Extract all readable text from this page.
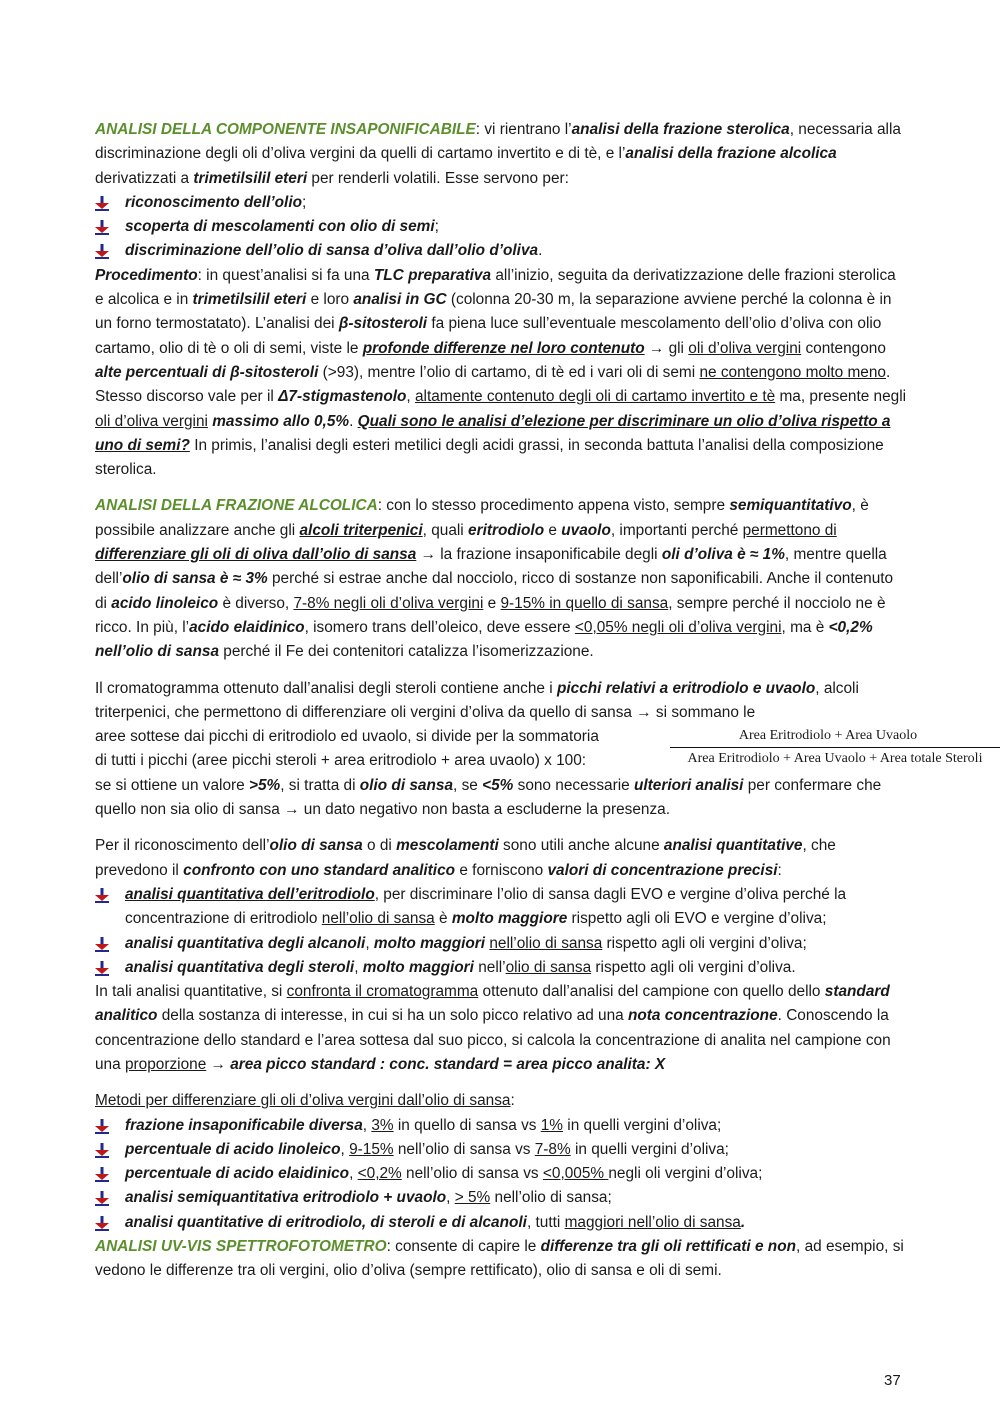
ANALISI DELLA COMPONENTE INSAPONIFICABILE: vi rientrano l’analisi della frazione sterolica, necessaria alla discriminazione degli oli d’oliva vergini da quelli di cartamo invertito e di tè, e l’analisi della frazione alcolica derivatizzati a trimetilsilil eteri per renderli volatili. Esse servono per:

riconoscimento dell’olio;
scoperta di mescolamenti con olio di semi;
discriminazione dell’olio di sansa d’oliva dall’olio d’oliva.

Procedimento: in quest’analisi si fa una TLC preparativa all’inizio, seguita da derivatizzazione delle frazioni sterolica e alcolica e in trimetilsilil eteri e loro analisi in GC (colonna 20-30 m, la separazione avviene perché la colonna è in un forno termostatato). L’analisi dei β-sitosteroli fa piena luce sull’eventuale mescolamento dell’olio d’oliva con olio cartamo, olio di tè o oli di semi, viste le profonde differenze nel loro contenuto → gli oli d’oliva vergini contengono alte percentuali di β-sitosteroli (>93), mentre l’olio di cartamo, di tè ed i vari oli di semi ne contengono molto meno. Stesso discorso vale per il Δ7-stigmastenolo, altamente contenuto degli oli di cartamo invertito e tè ma, presente negli oli d’oliva vergini massimo allo 0,5%. Quali sono le analisi d’elezione per discriminare un olio d’oliva rispetto a uno di semi? In primis, l’analisi degli esteri metilici degli acidi grassi, in seconda battuta l’analisi della composizione sterolica.

ANALISI DELLA FRAZIONE ALCOLICA: con lo stesso procedimento appena visto, sempre semiquantitativo, è possibile analizzare anche gli alcoli triterpenici, quali eritrodiolo e uvaolo, importanti perché permettono di differenziare gli oli di oliva dall’olio di sansa → la frazione insaponificabile degli oli d’oliva è ≈ 1%, mentre quella dell’olio di sansa è ≈ 3% perché si estrae anche dal nocciolo, ricco di sostanze non saponificabili. Anche il contenuto di acido linoleico è diverso, 7-8% negli oli d’oliva vergini e 9-15% in quello di sansa, sempre perché il nocciolo ne è ricco. In più, l’acido elaidinico, isomero trans dell’oleico, deve essere <0,05% negli oli d’oliva vergini, ma è <0,2% nell’olio di sansa perché il Fe dei contenitori catalizza l’isomerizzazione.

Il cromatogramma ottenuto dall’analisi degli steroli contiene anche i picchi relativi a eritrodiolo e uvaolo, alcoli triterpenici, che permettono di differenziare oli vergini d’oliva da quello di sansa → si sommano le
aree sottese dai picchi di eritrodiolo ed uvaolo, si divide per la sommatoria
di tutti i picchi (aree picchi steroli + area eritrodiolo + area uvaolo) x 100:
se si ottiene un valore >5%, si tratta di olio di sansa, se <5% sono necessarie ulteriori analisi per confermare che quello non sia olio di sansa → un dato negativo non basta a escluderne la presenza.

Area Eritrodiolo + Area Uvaolo
Area Eritrodiolo + Area Uvaolo + Area totale Steroli

Per il riconoscimento dell’olio di sansa o di mescolamenti sono utili anche alcune analisi quantitative, che prevedono il confronto con uno standard analitico e forniscono valori di concentrazione precisi:

analisi quantitativa dell’eritrodiolo, per discriminare l’olio di sansa dagli EVO e vergine d’oliva perché la concentrazione di eritrodiolo nell’olio di sansa è molto maggiore rispetto agli oli EVO e vergine d’oliva;
analisi quantitativa degli alcanoli, molto maggiori nell’olio di sansa rispetto agli oli vergini d’oliva;
analisi quantitativa degli steroli, molto maggiori nell’olio di sansa rispetto agli oli vergini d’oliva.

In tali analisi quantitative, si confronta il cromatogramma ottenuto dall’analisi del campione con quello dello standard analitico della sostanza di interesse, in cui si ha un solo picco relativo ad una nota concentrazione. Conoscendo la concentrazione dello standard e l’area sottesa dal suo picco, si calcola la concentrazione di analita nel campione con una proporzione → area picco standard : conc. standard = area picco analita: X

Metodi per differenziare gli oli d’oliva vergini dall’olio di sansa:

frazione insaponificabile diversa, 3% in quello di sansa vs 1% in quelli vergini d’oliva;
percentuale di acido linoleico, 9-15% nell’olio di sansa vs 7-8% in quelli vergini d’oliva;
percentuale di acido elaidinico, <0,2% nell’olio di sansa vs <0,005% negli oli vergini d’oliva;
analisi semiquantitativa eritrodiolo + uvaolo, > 5% nell’olio di sansa;
analisi quantitative di eritrodiolo, di steroli e di alcanoli, tutti maggiori nell’olio di sansa.

ANALISI UV-VIS SPETTROFOTOMETRO: consente di capire le differenze tra gli oli rettificati e non, ad esempio, si vedono le differenze tra oli vergini, olio d’oliva (sempre rettificato), olio di sansa e oli di semi.

37
